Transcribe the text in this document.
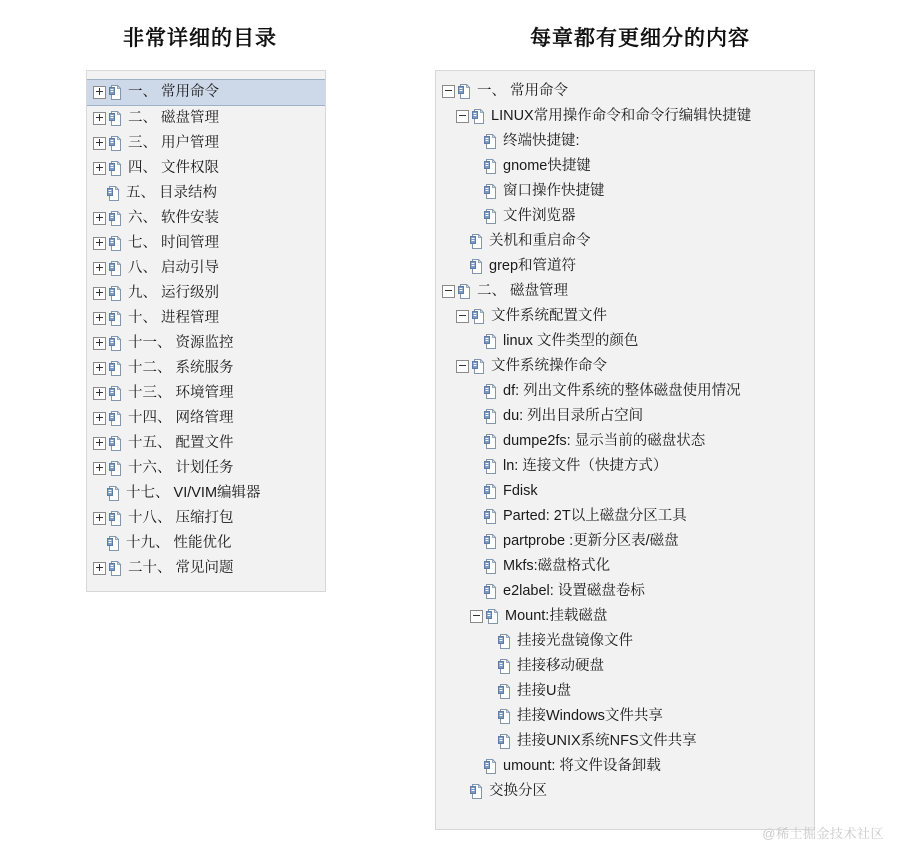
非常详细的目录
一、 常用命令
二、 磁盘管理
三、 用户管理
四、 文件权限
五、 目录结构
六、 软件安装
七、 时间管理
八、 启动引导
九、 运行级别
十、 进程管理
十一、 资源监控
十二、 系统服务
十三、 环境管理
十四、 网络管理
十五、 配置文件
十六、 计划任务
十七、 VI/VIM编辑器
十八、 压缩打包
十九、 性能优化
二十、 常见问题
每章都有更细分的内容
一、 常用命令
LINUX常用操作命令和命令行编辑快捷键
终端快捷键:
gnome快捷键
窗口操作快捷键
文件浏览器
关机和重启命令
grep和管道符
二、 磁盘管理
文件系统配置文件
linux 文件类型的颜色
文件系统操作命令
df: 列出文件系统的整体磁盘使用情况
du: 列出目录所占空间
dumpe2fs: 显示当前的磁盘状态
ln: 连接文件（快捷方式）
Fdisk
Parted: 2T以上磁盘分区工具
partprobe :更新分区表/磁盘
Mkfs:磁盘格式化
e2label: 设置磁盘卷标
Mount:挂载磁盘
挂接光盘镜像文件
挂接移动硬盘
挂接U盘
挂接Windows文件共享
挂接UNIX系统NFS文件共享
umount: 将文件设备卸载
交换分区
@稀土掘金技术社区
